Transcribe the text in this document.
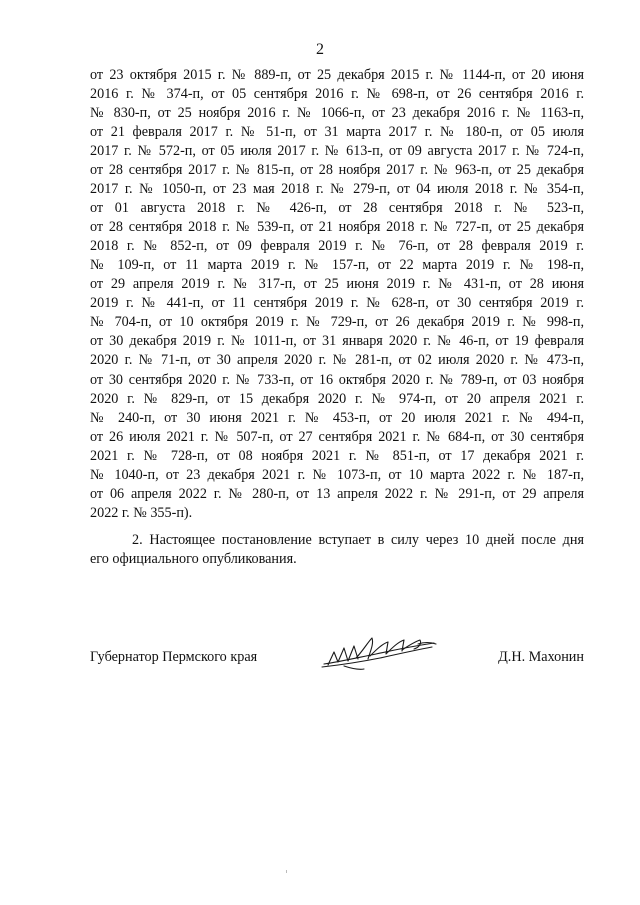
2
от 23 октября 2015 г. № 889-п, от 25 декабря 2015 г. № 1144-п, от 20 июня
2016 г. № 374-п, от 05 сентября 2016 г. № 698-п, от 26 сентября 2016 г.
№ 830-п, от 25 ноября 2016 г. № 1066-п, от 23 декабря 2016 г. № 1163-п,
от 21 февраля 2017 г. № 51-п, от 31 марта 2017 г. № 180-п, от 05 июля
2017 г. № 572-п, от 05 июля 2017 г. № 613-п, от 09 августа 2017 г. № 724-п,
от 28 сентября 2017 г. № 815-п, от 28 ноября 2017 г. № 963-п, от 25 декабря
2017 г. № 1050-п, от 23 мая 2018 г. № 279-п, от 04 июля 2018 г. № 354-п,
от 01 августа 2018 г. № 426-п, от 28 сентября 2018 г. № 523-п,
от 28 сентября 2018 г. № 539-п, от 21 ноября 2018 г. № 727-п, от 25 декабря
2018 г. № 852-п, от 09 февраля 2019 г. № 76-п, от 28 февраля 2019 г.
№ 109-п, от 11 марта 2019 г. № 157-п, от 22 марта 2019 г. № 198-п,
от 29 апреля 2019 г. № 317-п, от 25 июня 2019 г. № 431-п, от 28 июня
2019 г. № 441-п, от 11 сентября 2019 г. № 628-п, от 30 сентября 2019 г.
№ 704-п, от 10 октября 2019 г. № 729-п, от 26 декабря 2019 г. № 998-п,
от 30 декабря 2019 г. № 1011-п, от 31 января 2020 г. № 46-п, от 19 февраля
2020 г. № 71-п, от 30 апреля 2020 г. № 281-п, от 02 июля 2020 г. № 473-п,
от 30 сентября 2020 г. № 733-п, от 16 октября 2020 г. № 789-п, от 03 ноября
2020 г. № 829-п, от 15 декабря 2020 г. № 974-п, от 20 апреля 2021 г.
№ 240-п, от 30 июня 2021 г. № 453-п, от 20 июля 2021 г. № 494-п,
от 26 июля 2021 г. № 507-п, от 27 сентября 2021 г. № 684-п, от 30 сентября
2021 г. № 728-п, от 08 ноября 2021 г. № 851-п, от 17 декабря 2021 г.
№ 1040-п, от 23 декабря 2021 г. № 1073-п, от 10 марта 2022 г. № 187-п,
от 06 апреля 2022 г. № 280-п, от 13 апреля 2022 г. № 291-п, от 29 апреля
2022 г. № 355-п).
2. Настоящее постановление вступает в силу через 10 дней после дня
его официального опубликования.
Губернатор Пермского края	Д.Н. Махонин
